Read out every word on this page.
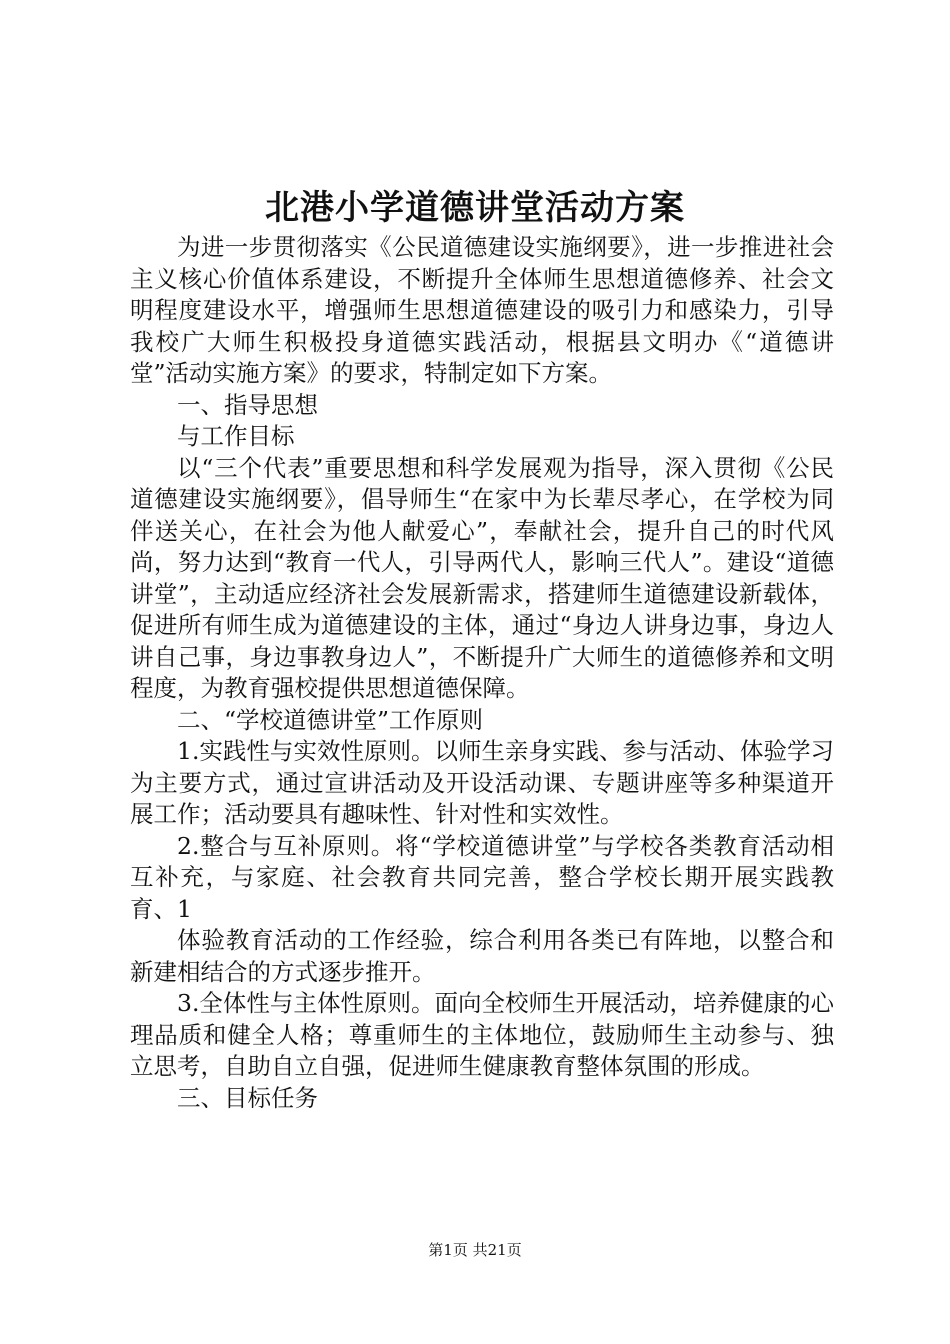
北港小学道德讲堂活动方案

为进一步贯彻落实《公民道德建设实施纲要》，进一步推进社会主义核心价值体系建设，不断提升全体师生思想道德修养、社会文明程度建设水平，增强师生思想道德建设的吸引力和感染力，引导我校广大师生积极投身道德实践活动，根据县文明办《“道德讲堂”活动实施方案》的要求，特制定如下方案。

一、指导思想

与工作目标

以“三个代表”重要思想和科学发展观为指导，深入贯彻《公民道德建设实施纲要》，倡导师生“在家中为长辈尽孝心，在学校为同伴送关心，在社会为他人献爱心”，奉献社会，提升自己的时代风尚，努力达到“教育一代人，引导两代人，影响三代人”。建设“道德讲堂”，主动适应经济社会发展新需求，搭建师生道德建设新载体，促进所有师生成为道德建设的主体，通过“身边人讲身边事，身边人讲自己事，身边事教身边人”，不断提升广大师生的道德修养和文明程度，为教育强校提供思想道德保障。

二、“学校道德讲堂”工作原则

1.实践性与实效性原则。以师生亲身实践、参与活动、体验学习为主要方式，通过宣讲活动及开设活动课、专题讲座等多种渠道开展工作；活动要具有趣味性、针对性和实效性。

2.整合与互补原则。将“学校道德讲堂”与学校各类教育活动相互补充，与家庭、社会教育共同完善，整合学校长期开展实践教育、1

体验教育活动的工作经验，综合利用各类已有阵地，以整合和新建相结合的方式逐步推开。

3.全体性与主体性原则。面向全校师生开展活动，培养健康的心理品质和健全人格；尊重师生的主体地位，鼓励师生主动参与、独立思考，自助自立自强，促进师生健康教育整体氛围的形成。

三、目标任务

第1页 共21页
